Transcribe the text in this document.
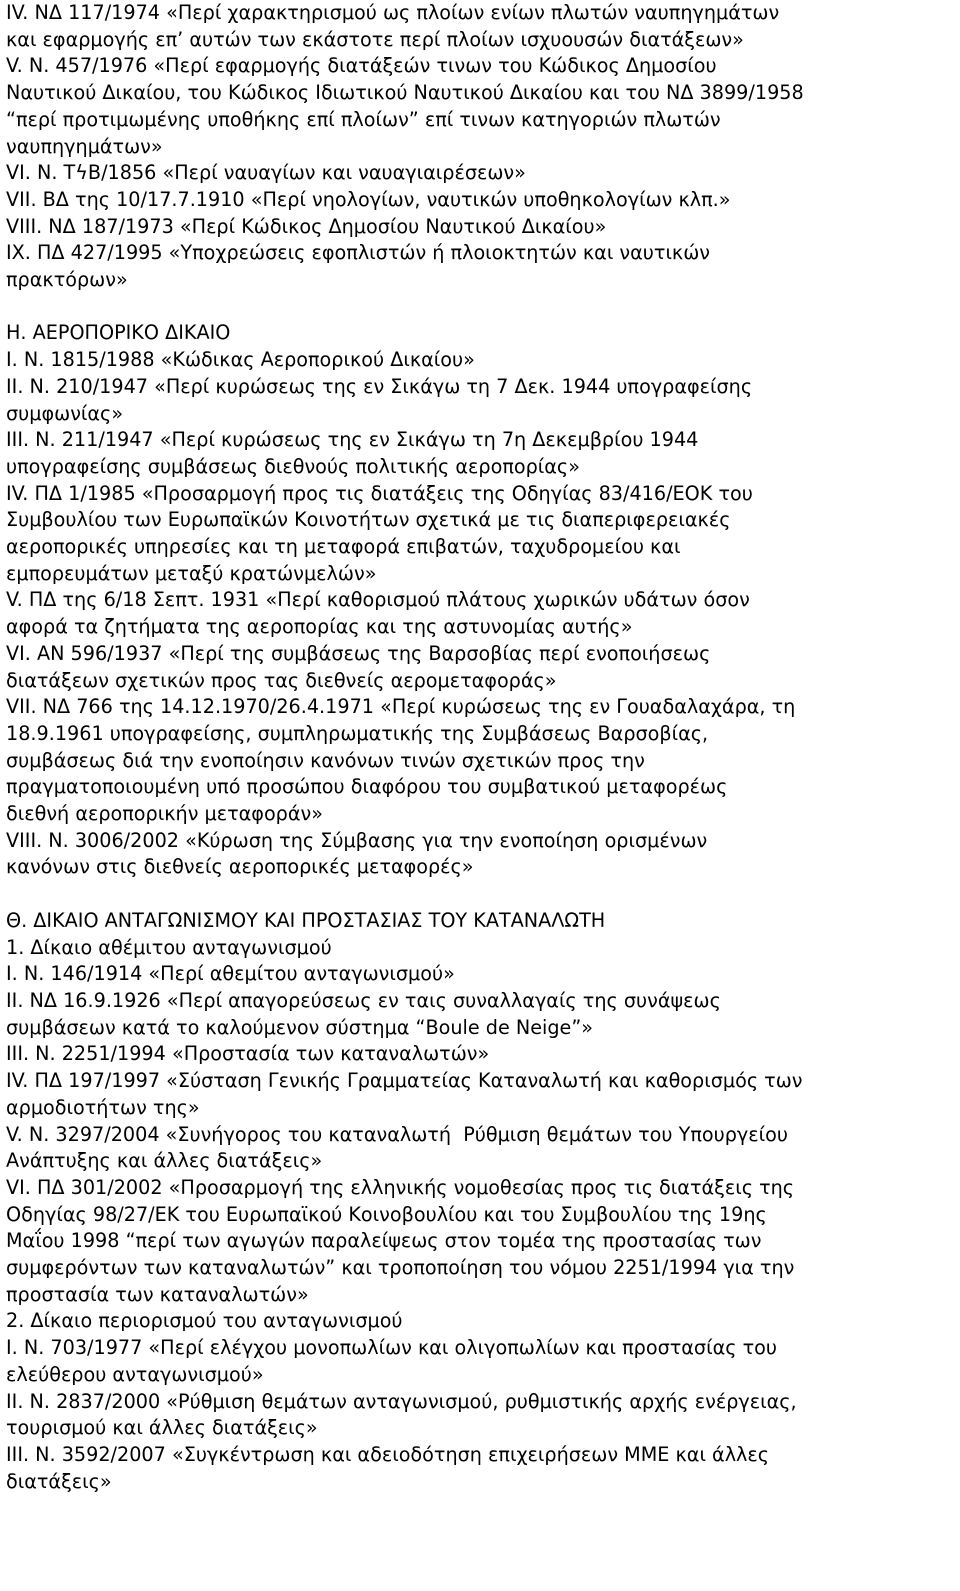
IV. ΝΔ 117/1974 «Περί χαρακτηρισμού ως πλοίων ενίων πλωτών ναυπηγημάτων
και εφαρμογής επ’ αυτών των εκάστοτε περί πλοίων ισχυουσών διατάξεων»
V. Ν. 457/1976 «Περί εφαρμογής διατάξεών τινων του Κώδικος Δημοσίου
Ναυτικού Δικαίου, του Κώδικος Ιδιωτικού Ναυτικού Δικαίου και του ΝΔ 3899/1958
“περί προτιμωμένης υποθήκης επί πλοίων” επί τινων κατηγοριών πλωτών
ναυπηγημάτων»
VI. Ν. ΤϟΒ/1856 «Περί ναυαγίων και ναυαγιαιρέσεων»
VII. ΒΔ της 10/17.7.1910 «Περί νηολογίων, ναυτικών υποθηκολογίων κλπ.»
VIII. ΝΔ 187/1973 «Περί Κώδικος Δημοσίου Ναυτικού Δικαίου»
IX. ΠΔ 427/1995 «Υποχρεώσεις εφοπλιστών ή πλοιοκτητών και ναυτικών
πρακτόρων»
Η. ΑΕΡΟΠΟΡΙΚΟ ΔΙΚΑΙΟ
I. Ν. 1815/1988 «Κώδικας Αεροπορικού Δικαίου»
II. Ν. 210/1947 «Περί κυρώσεως της εν Σικάγω τη 7 Δεκ. 1944 υπογραφείσης
συμφωνίας»
III. Ν. 211/1947 «Περί κυρώσεως της εν Σικάγω τη 7η Δεκεμβρίου 1944
υπογραφείσης συμβάσεως διεθνούς πολιτικής αεροπορίας»
IV. ΠΔ 1/1985 «Προσαρμογή προς τις διατάξεις της Οδηγίας 83/416/ΕΟΚ του
Συμβουλίου των Ευρωπαϊκών Κοινοτήτων σχετικά με τις διαπεριφερειακές
αεροπορικές υπηρεσίες και τη μεταφορά επιβατών, ταχυδρομείου και
εμπορευμάτων μεταξύ κρατώνμελών»
V. ΠΔ της 6/18 Σεπτ. 1931 «Περί καθορισμού πλάτους χωρικών υδάτων όσον
αφορά τα ζητήματα της αεροπορίας και της αστυνομίας αυτής»
VI. ΑΝ 596/1937 «Περί της συμβάσεως της Βαρσοβίας περί ενοποιήσεως
διατάξεων σχετικών προς τας διεθνείς αερομεταφοράς»
VII. ΝΔ 766 της 14.12.1970/26.4.1971 «Περί κυρώσεως της εν Γουαδαλαχάρα, τη
18.9.1961 υπογραφείσης, συμπληρωματικής της Συμβάσεως Βαρσοβίας,
συμβάσεως διά την ενοποίησιν κανόνων τινών σχετικών προς την
πραγματοποιουμένη υπό προσώπου διαφόρου του συμβατικού μεταφορέως
διεθνή αεροπορικήν μεταφοράν»
VIII. Ν. 3006/2002 «Κύρωση της Σύμβασης για την ενοποίηση ορισμένων
κανόνων στις διεθνείς αεροπορικές μεταφορές»
Θ. ΔΙΚΑΙΟ ΑΝΤΑΓΩΝΙΣΜΟΥ ΚΑΙ ΠΡΟΣΤΑΣΙΑΣ ΤΟΥ ΚΑΤΑΝΑΛΩΤΗ
1. Δίκαιο αθέμιτου ανταγωνισμού
I. Ν. 146/1914 «Περί αθεμίτου ανταγωνισμού»
II. ΝΔ 16.9.1926 «Περί απαγορεύσεως εν ταις συναλλαγαίς της συνάψεως
συμβάσεων κατά το καλούμενον σύστημα “Boule de Neige”»
III. Ν. 2251/1994 «Προστασία των καταναλωτών»
IV. ΠΔ 197/1997 «Σύσταση Γενικής Γραμματείας Καταναλωτή και καθορισμός των
αρμοδιοτήτων της»
V. Ν. 3297/2004 «Συνήγορος του καταναλωτή  Ρύθμιση θεμάτων του Υπουργείου
Ανάπτυξης και άλλες διατάξεις»
VI. ΠΔ 301/2002 «Προσαρμογή της ελληνικής νομοθεσίας προς τις διατάξεις της
Οδηγίας 98/27/ΕΚ του Ευρωπαϊκού Κοινοβουλίου και του Συμβουλίου της 19ης
Μαΐου 1998 “περί των αγωγών παραλείψεως στον τομέα της προστασίας των
συμφερόντων των καταναλωτών” και τροποποίηση του νόμου 2251/1994 για την
προστασία των καταναλωτών»
2. Δίκαιο περιορισμού του ανταγωνισμού
I. Ν. 703/1977 «Περί ελέγχου μονοπωλίων και ολιγοπωλίων και προστασίας του
ελεύθερου ανταγωνισμού»
II. Ν. 2837/2000 «Ρύθμιση θεμάτων ανταγωνισμού, ρυθμιστικής αρχής ενέργειας,
τουρισμού και άλλες διατάξεις»
III. Ν. 3592/2007 «Συγκέντρωση και αδειοδότηση επιχειρήσεων ΜΜΕ και άλλες
διατάξεις»
